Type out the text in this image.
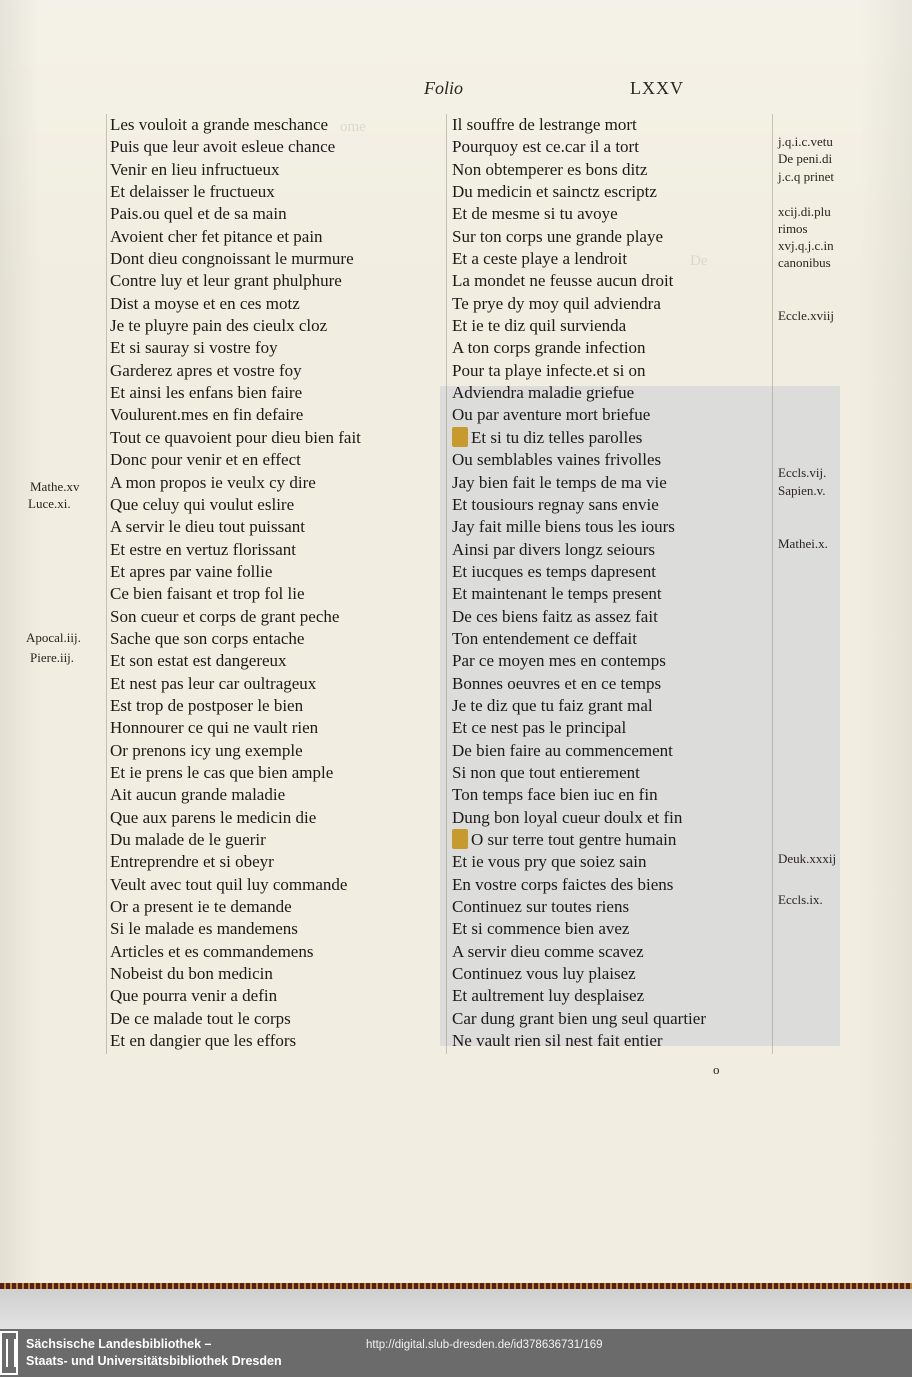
ome
De
Folio	LXXV
Les vouloit a grande meschance
Puis que leur avoit esleue chance
Venir en lieu infructueux
Et delaisser le fructueux
Pais.ou quel et de sa main
Avoient cher fet pitance et pain
Dont dieu congnoissant le murmure
Contre luy et leur grant phulphure
Dist a moyse et en ces motz
Je te pluyre pain des cieulx cloz
Et si sauray si vostre foy
Garderez apres et vostre foy
Et ainsi les enfans bien faire
Voulurent.mes en fin defaire
Tout ce quavoient pour dieu bien fait
Donc pour venir et en effect
A mon propos ie veulx cy dire
Que celuy qui voulut eslire
A servir le dieu tout puissant
Et estre en vertuz florissant
Et apres par vaine follie
Ce bien faisant et trop fol lie
Son cueur et corps de grant peche
Sache que son corps entache
Et son estat est dangereux
Et nest pas leur car oultrageux
Est trop de postposer le bien
Honnourer ce qui ne vault rien
Or prenons icy ung exemple
Et ie prens le cas que bien ample
Ait aucun grande maladie
Que aux parens le medicin die
Du malade de le guerir
Entreprendre et si obeyr
Veult avec tout quil luy commande
Or a present ie te demande
Si le malade es mandemens
Articles et es commandemens
Nobeist du bon medicin
Que pourra venir a defin
De ce malade tout le corps
Et en dangier que les effors
Il souffre de lestrange mort
Pourquoy est ce.car il a tort
Non obtemperer es bons ditz
Du medicin et sainctz escriptz
Et de mesme si tu avoye
Sur ton corps une grande playe
Et a ceste playe a lendroit
La mondet ne feusse aucun droit
Te prye dy moy quil adviendra
Et ie te diz quil survienda
A ton corps grande infection
Pour ta playe infecte.et si on
Adviendra maladie griefue
Ou par aventure mort briefue
Et si tu diz telles parolles
Ou semblables vaines frivolles
Jay bien fait le temps de ma vie
Et tousiours regnay sans envie
Jay fait mille biens tous les iours
Ainsi par divers longz seiours
Et iucques es temps dapresent
Et maintenant le temps present
De ces biens faitz as assez fait
Ton entendement ce deffait
Par ce moyen mes en contemps
Bonnes oeuvres et en ce temps
Je te diz que tu faiz grant mal
Et ce nest pas le principal
De bien faire au commencement
Si non que tout entierement
Ton temps face bien iuc en fin
Dung bon loyal cueur doulx et fin
O sur terre tout gentre humain
Et ie vous pry que soiez sain
En vostre corps faictes des biens
Continuez sur toutes riens
Et si commence bien avez
A servir dieu comme scavez
Continuez vous luy plaisez
Et aultrement luy desplaisez
Car dung grant bien ung seul quartier
Ne vault rien sil nest fait entier
Mathe.xv
Luce.xi.
Apocal.iij.
Piere.iij.
j.q.i.c.vetu
De peni.di
j.c.q prinet
xcij.di.plu
rimos
xvj.q.j.c.in
canonibus
Eccle.xviij
Eccls.vij.
Sapien.v.
Mathei.x.
Deuk.xxxij
Eccls.ix.
o
Sächsische Landesbibliothek –
Staats- und Universitätsbibliothek Dresden
http://digital.slub-dresden.de/id378636731/169
